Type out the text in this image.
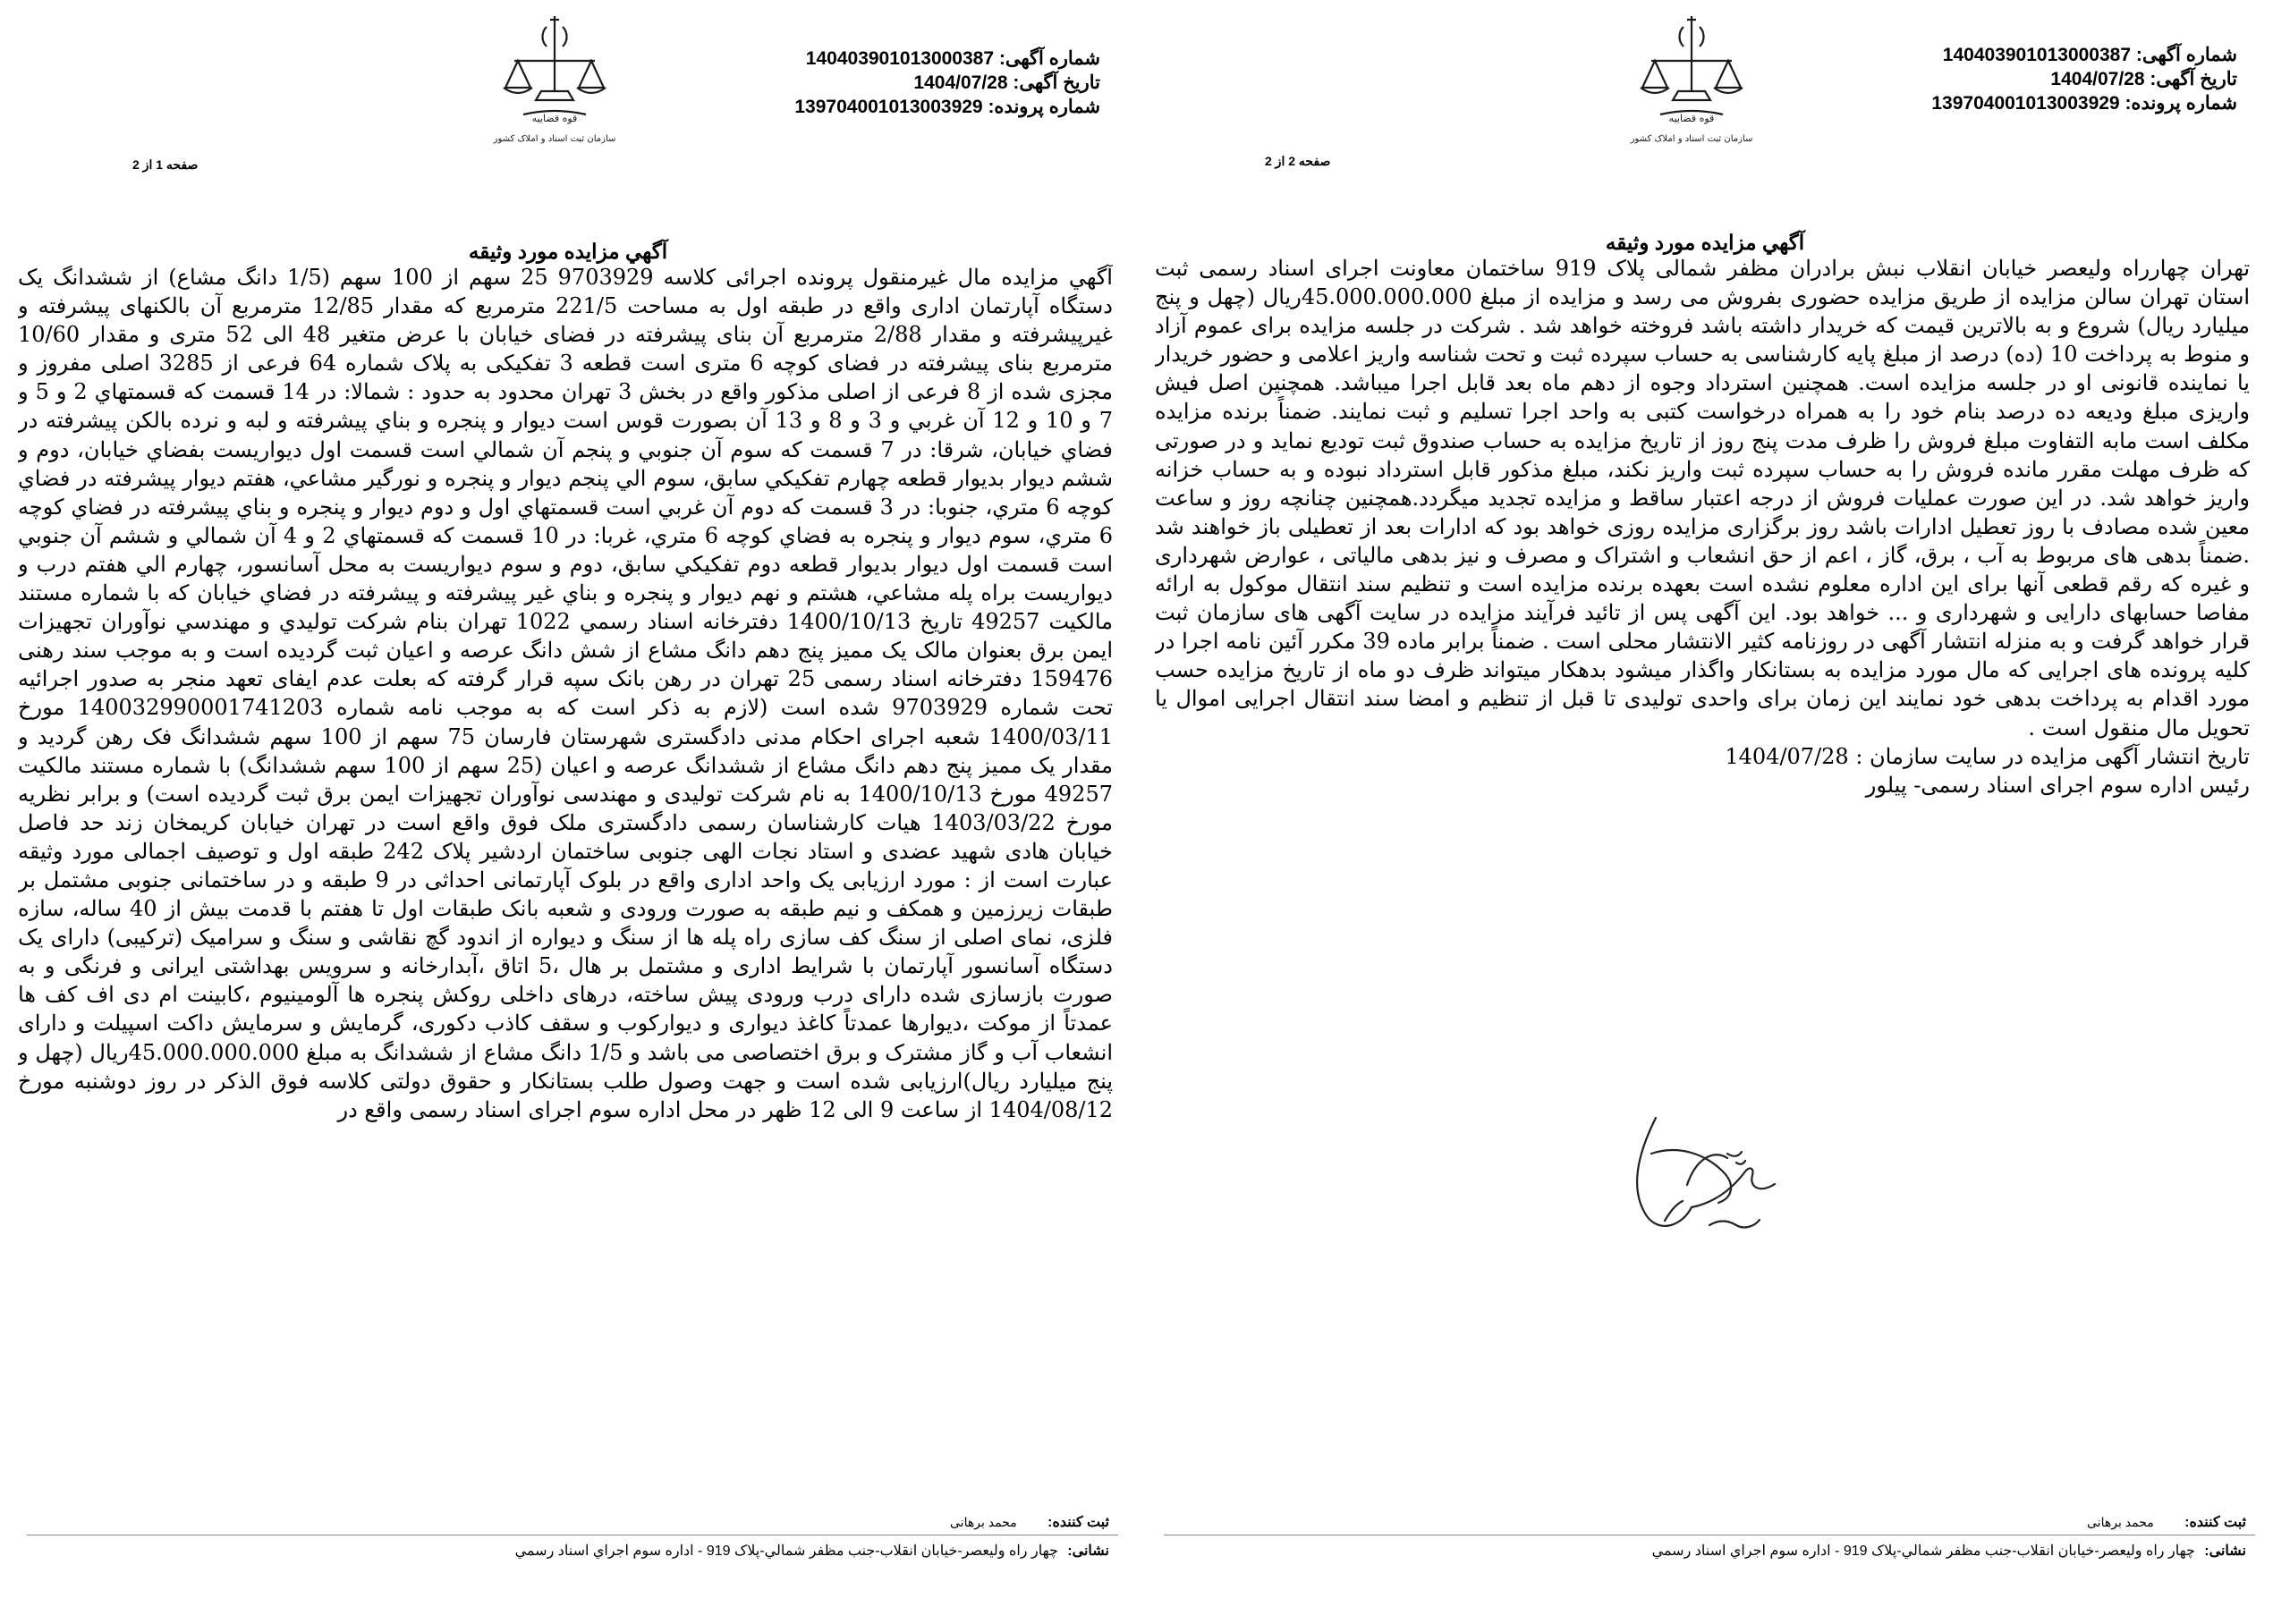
شماره آگهی: 140403901013000387
تاریخ آگهی: 1404/07/28
شماره پرونده: 139704001013003929
قوه قضاییه
سازمان ثبت اسناد و املاک کشور
صفحه 1 از 2
آگهي مزايده مورد وثيقه

آگهي مزايده مال غيرمنقول پرونده اجرائی کلاسه 9703929 25 سهم از 100 سهم (1/5 دانگ مشاع) از ششدانگ یک دستگاه آپارتمان اداری واقع در طبقه اول به مساحت 221/5 مترمربع که مقدار 12/85 مترمربع آن بالکنهای پیشرفته و غیرپیشرفته و مقدار 2/88 مترمربع آن بنای پیشرفته در فضای خیابان با عرض متغیر 48 الی 52 متری و مقدار 10/60 مترمربع بنای پیشرفته در فضای کوچه 6 متری است قطعه 3 تفکیکی به پلاک شماره 64 فرعی از 3285 اصلی مفروز و مجزی شده از 8 فرعی از اصلی مذکور واقع در بخش 3 تهران محدود به حدود : شمالا: در 14 قسمت كه قسمتهاي 2 و 5 و 7 و 10 و 12 آن غربي و 3 و 8 و 13 آن بصورت قوس است ديوار و پنجره و بناي پيشرفته و لبه و نرده بالكن پيشرفته در فضاي خيابان، شرقا: در 7 قسمت كه سوم آن جنوبي و پنجم آن شمالي است قسمت اول ديواريست بفضاي خيابان، دوم و ششم ديوار بديوار قطعه چهارم تفكيكي سابق، سوم الي پنجم ديوار و پنجره و نورگير مشاعي، هفتم ديوار پيشرفته در فضاي كوچه 6 متري، جنوبا: در 3 قسمت كه دوم آن غربي است قسمتهاي اول و دوم ديوار و پنجره و بناي پيشرفته در فضاي كوچه 6 متري، سوم ديوار و پنجره به فضاي كوچه 6 متري، غربا: در 10 قسمت كه قسمتهاي 2 و 4 آن شمالي و ششم آن جنوبي است قسمت اول ديوار بديوار قطعه دوم تفكيكي سابق، دوم و سوم ديواريست به محل آسانسور، چهارم الي هفتم درب و ديواريست براه پله مشاعي، هشتم و نهم ديوار و پنجره و بناي غير پيشرفته و پيشرفته در فضاي خيابان كه با شماره مستند مالكيت 49257 تاريخ 1400/10/13 دفترخانه اسناد رسمي 1022 تهران بنام شركت توليدي و مهندسي نوآوران تجهيزات ايمن برق بعنوان مالک یک ممیز پنج دهم دانگ مشاع از شش دانگ عرصه و اعیان ثبت گردیده است و به موجب سند رهنی 159476 دفترخانه اسناد رسمی 25 تهران در رهن بانک سپه قرار گرفته که بعلت عدم ایفای تعهد منجر به صدور اجرائیه تحت شماره 9703929 شده است (لازم به ذکر است که به موجب نامه شماره 140032990001741203 مورخ 1400/03/11 شعبه اجرای احکام مدنی دادگستری شهرستان فارسان 75 سهم از 100 سهم ششدانگ فک رهن گردید و مقدار یک ممیز پنج دهم دانگ مشاع از ششدانگ عرصه و اعیان (25 سهم از 100 سهم ششدانگ) با شماره مستند مالکیت 49257 مورخ 1400/10/13 به نام شرکت تولیدی و مهندسی نوآوران تجهیزات ایمن برق ثبت گردیده است) و برابر نظریه مورخ 1403/03/22 هیات کارشناسان رسمی دادگستری ملک فوق واقع است در تهران خیابان کریمخان زند حد فاصل خیابان هادی شهید عضدی و استاد نجات الهی جنوبی ساختمان اردشیر پلاک 242 طبقه اول و توصیف اجمالی مورد وثیقه عبارت است از : مورد ارزیابی یک واحد اداری واقع در بلوک آپارتمانی احداثی در 9 طبقه و در ساختمانی جنوبی مشتمل بر طبقات زیرزمین و همکف و نیم طبقه به صورت ورودی و شعبه بانک طبقات اول تا هفتم با قدمت بیش از 40 ساله، سازه فلزی، نمای اصلی از سنگ کف سازی راه پله ها از سنگ و دیواره از اندود گچ نقاشی و سنگ و سرامیک (ترکیبی) دارای یک دستگاه آسانسور آپارتمان با شرایط اداری و مشتمل بر هال ،5 اتاق ،آبدارخانه و سرویس بهداشتی ایرانی و فرنگی و به صورت بازسازی شده دارای درب ورودی پیش ساخته، درهای داخلی روکش پنجره ها آلومینیوم ،کابینت ام دی اف کف ها عمدتاً از موکت ،دیوارها عمدتاً کاغذ دیواری و دیوارکوب و سقف کاذب دکوری، گرمایش و سرمایش داکت اسپیلت و دارای انشعاب آب و گاز مشترک و برق اختصاصی می باشد و 1/5 دانگ مشاع از ششدانگ به مبلغ 45.000.000.000ریال (چهل و پنج میلیارد ریال)ارزیابی شده است و جهت وصول طلب بستانکار و حقوق دولتی کلاسه فوق الذکر در روز دوشنبه مورخ 1404/08/12 از ساعت 9 الی 12 ظهر در محل اداره سوم اجرای اسناد رسمی واقع در

ثبت کننده: محمد برهانی
نشانی: چهار راه وليعصر-خيابان انقلاب-جنب مظفر شمالي-پلاک 919 - اداره سوم اجراي اسناد رسمي
شماره آگهی: 140403901013000387
تاریخ آگهی: 1404/07/28
شماره پرونده: 139704001013003929
قوه قضاییه
سازمان ثبت اسناد و املاک کشور
صفحه 2 از 2
آگهي مزايده مورد وثيقه

تهران چهارراه ولیعصر خیابان انقلاب نبش برادران مظفر شمالی پلاک 919 ساختمان معاونت اجرای اسناد رسمی ثبت استان تهران سالن مزایده از طریق مزایده حضوری بفروش می رسد و مزایده از مبلغ 45.000.000.000ریال (چهل و پنج میلیارد ریال) شروع و به بالاترین قیمت که خریدار داشته باشد فروخته خواهد شد . شرکت در جلسه مزایده برای عموم آزاد و منوط به پرداخت 10 (ده) درصد از مبلغ پایه کارشناسی به حساب سپرده ثبت و تحت شناسه واریز اعلامی و حضور خریدار یا نماینده قانونی او در جلسه مزایده است. همچنین استرداد وجوه از دهم ماه بعد قابل اجرا میباشد. همچنین اصل فیش واریزی مبلغ ودیعه ده درصد بنام خود را به همراه درخواست کتبی به واحد اجرا تسلیم و ثبت نمایند. ضمناً برنده مزایده مکلف است مابه التفاوت مبلغ فروش را ظرف مدت پنج روز از تاریخ مزایده به حساب صندوق ثبت تودیع نماید و در صورتی که ظرف مهلت مقرر مانده فروش را به حساب سپرده ثبت واریز نکند، مبلغ مذکور قابل استرداد نبوده و به حساب خزانه واریز خواهد شد. در این صورت عملیات فروش از درجه اعتبار ساقط و مزایده تجدید میگردد.همچنین چنانچه روز و ساعت معین شده مصادف با روز تعطیل ادارات باشد روز برگزاری مزایده روزی خواهد بود که ادارات بعد از تعطیلی باز خواهند شد .ضمناً بدهی های مربوط به آب ، برق، گاز ، اعم از حق انشعاب و اشتراک و مصرف و نیز بدهی مالیاتی ، عوارض شهرداری و غیره که رقم قطعی آنها برای این اداره معلوم نشده است بعهده برنده مزایده است و تنظیم سند انتقال موکول به ارائه مفاصا حسابهای دارایی و شهرداری و ... خواهد بود. این آگهی پس از تائید فرآیند مزایده در سایت آگهی های سازمان ثبت قرار خواهد گرفت و به منزله انتشار آگهی در روزنامه کثیر الانتشار محلی است . ضمناً برابر ماده 39 مکرر آئین نامه اجرا در کلیه پرونده های اجرایی که مال مورد مزایده به بستانکار واگذار میشود بدهکار میتواند ظرف دو ماه از تاریخ مزایده حسب مورد اقدام به پرداخت بدهی خود نمایند این زمان برای واحدی تولیدی تا قبل از تنظیم و امضا سند انتقال اجرایی اموال یا تحویل مال منقول است .

تاریخ انتشار آگهی مزایده در سایت سازمان : 1404/07/28
رئیس اداره سوم اجرای اسناد رسمی- پیلور
ثبت کننده: محمد برهانی
نشانی: چهار راه وليعصر-خيابان انقلاب-جنب مظفر شمالي-پلاک 919 - اداره سوم اجراي اسناد رسمي
